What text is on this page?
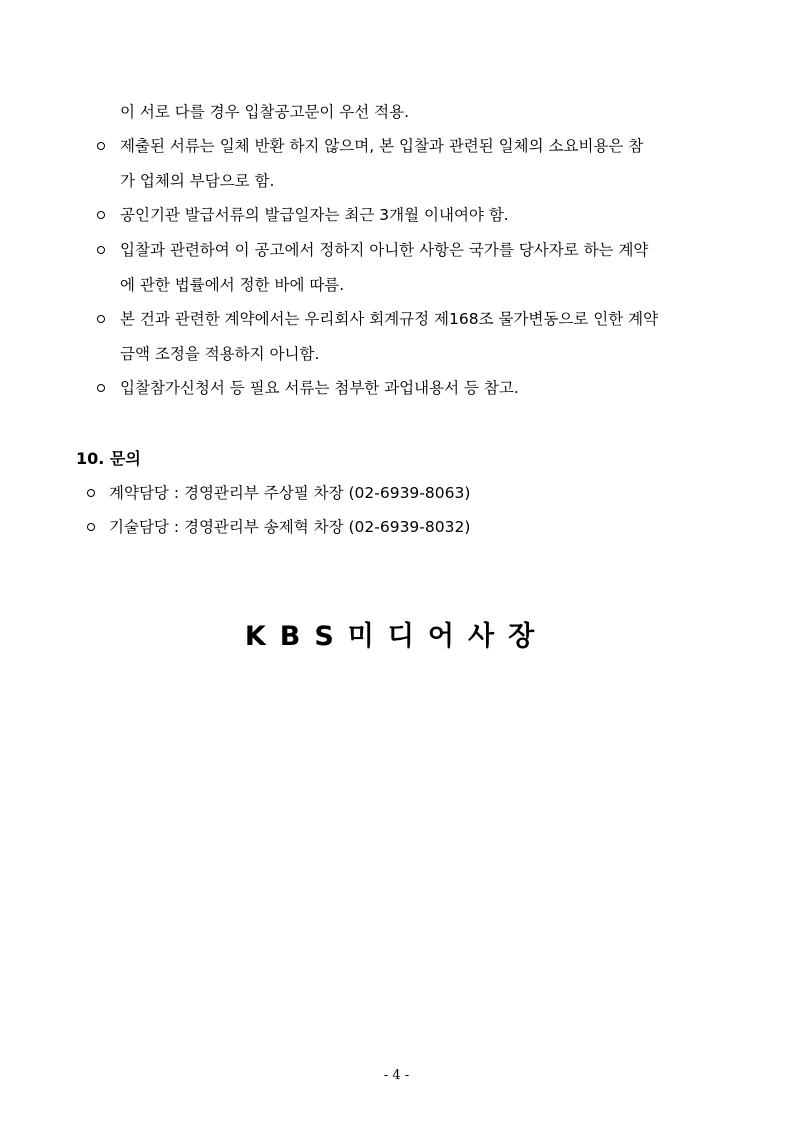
이 서로 다를 경우 입찰공고문이 우선 적용.
제출된 서류는 일체 반환 하지 않으며, 본 입찰과 관련된 일체의 소요비용은 참
가 업체의 부담으로 함.
공인기관 발급서류의 발급일자는 최근 3개월 이내여야 함.
입찰과 관련하여 이 공고에서 정하지 아니한 사항은 국가를 당사자로 하는 계약
에 관한 법률에서 정한 바에 따름.
본 건과 관련한 계약에서는 우리회사 회계규정 제168조 물가변동으로 인한 계약
금액 조정을 적용하지 아니함.
입찰참가신청서 등 필요 서류는 첨부한 과업내용서 등 참고.
10. 문의
계약담당 : 경영관리부 주상필 차장 (02-6939-8063)
기술담당 : 경영관리부 송제혁 차장 (02-6939-8032)
KBS미디어사장
- 4 -
